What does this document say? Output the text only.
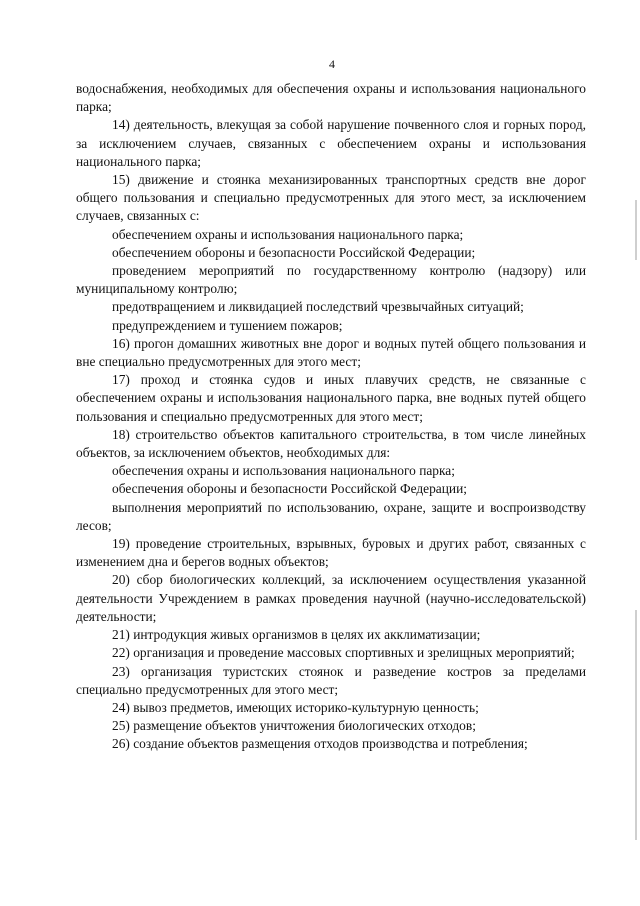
4

водоснабжения, необходимых для обеспечения охраны и использования национального парка;

14) деятельность, влекущая за собой нарушение почвенного слоя и горных пород, за исключением случаев, связанных с обеспечением охраны и использования национального парка;

15) движение и стоянка механизированных транспортных средств вне дорог общего пользования и специально предусмотренных для этого мест, за исключением случаев, связанных с:

обеспечением охраны и использования национального парка;

обеспечением обороны и безопасности Российской Федерации;

проведением мероприятий по государственному контролю (надзору) или муниципальному контролю;

предотвращением и ликвидацией последствий чрезвычайных ситуаций;

предупреждением и тушением пожаров;

16) прогон домашних животных вне дорог и водных путей общего пользования и вне специально предусмотренных для этого мест;

17) проход и стоянка судов и иных плавучих средств, не связанные с обеспечением охраны и использования национального парка, вне водных путей общего пользования и специально предусмотренных для этого мест;

18) строительство объектов капитального строительства, в том числе линейных объектов, за исключением объектов, необходимых для:

обеспечения охраны и использования национального парка;

обеспечения обороны и безопасности Российской Федерации;

выполнения мероприятий по использованию, охране, защите и воспроизводству лесов;

19) проведение строительных, взрывных, буровых и других работ, связанных с изменением дна и берегов водных объектов;

20) сбор биологических коллекций, за исключением осуществления указанной деятельности Учреждением в рамках проведения научной (научно-исследовательской) деятельности;

21) интродукция живых организмов в целях их акклиматизации;

22) организация и проведение массовых спортивных и зрелищных мероприятий;

23) организация туристских стоянок и разведение костров за пределами специально предусмотренных для этого мест;

24) вывоз предметов, имеющих историко-культурную ценность;

25) размещение объектов уничтожения биологических отходов;

26) создание объектов размещения отходов производства и потребления;
